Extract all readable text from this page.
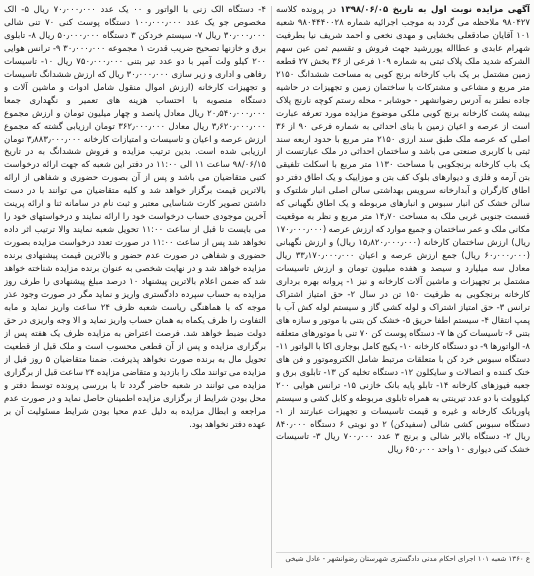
آگهی مزایده نوبت اول به تاریخ ۱۳۹۸/۰۶/۰۵ در پرونده کلاسه ۹۸۰۴۲۷ ملاحظه می گردد به موجب اجرائیه شماره ۹۸۰۴۴۴۰۰۲۸ شعبه ۱۰۱ آقایان صادقعلی بخشایی و مهدی نخعی و احمد شریف نیا بطرفیت شهرام عابدی و عطااله یوررشید جهت فروش و تقسیم ثمن عین سهم الشرکه شدید ملک پلاک ثبتی به شماره ۱۰۹ فرعی از ۳۶ بخش ۲۷ قطعه زمین مشتمل بر یک باب کارخانه برنج کوبی به مساحت ششدانگ ۲۱۵۰ متر مربع و مشاعی و مشترکات با ساختمان زمین و تجهیزات در حاشیه جاده نطنز به آدرس رضوانشهر - حوشابر - محله رستم کوچه نارنج پلاک بیشه پشت کارخانه برنج کوبی ملکی موضوع مزایده مورد تعرفه عبارت است از عرصه و اعیان زمین با بنای احداثی به شماره فرعی ۹۰ از ۳۶ اصلی که عرصه ملک طبق سند ارزی ۲۱۵۰ متر مربع با حدود اربعه سند ثبتی با کاربری صنعتی می باشد و ساختمان احداثی در ملک عبارتست از یک باب کارخانه برنجکوبی با مساحت ۱۱۳۰ متر مربع با اسکلت تلفیقی بتن آرمه و فلزی و دیوارهای بلوک کف بتن و موزاییک و یک اطاق دفتر دو اطاق کارگران و آبدارخانه سرویس بهداشتی سالن اصلی انبار شلتوک و سالن خشک کن انبار سبوس و انبارهای مربوطه و یک اطاق نگهبانی که قسمت جنوبی غربی ملک به مساحت ۱۴٫۷۰ متر مربع و نظر به موقعیت مکانی ملک و عمر ساختمان و جمیع موارد که ارزش عرصه (۱۷۰٫۰۰۰٫۰۰۰ ریال) ارزش ساختمان کارخانه (۱۵٫۸۲۰٫۰۰۰٫۰۰۰ ریال) و ارزش نگهبانی (۶۰٫۰۰۰٫۰۰۰ ریال) جمع ارزش عرصه و اعیان ۳۳٫۱۷۰٫۰۰۰٫۰۰۰ ریال معادل سه میلیارد و سیصد و هفده میلیون تومان و ارزش تاسیسات مشتمل بر تجهیزات و ماشین آلات کارخانه و نیز ۱- پروانه بهره برداری کارخانه برنجکوبی به ظرفیت ۱۵۰ تن در سال ۲- حق امتیاز اشتراک ترانس ۳- حق امتیاز اشتراک و لوله کشی گاز و سیستم لوله کش آب با پمپ انتقال ۴- سیستم اطفا حریق ۵- خشک کن بتنی با موتور و سازه های بتنی ۶- تاسیسات کن ها ۷- دستگاه پوست کن ۷۰ تنی با موتورهای متعلقه ۸- الواتورها ۹- دو دستگاه کارخانه ۱۰- یکیج کامل بوجاری اکا با الواتور ۱۱- دستگاه سبوس خرد کن با متعلقات مرتبط شامل الکتروموتور و فن های خنک کننده و اتصالات و سایکلون ۱۲- دستگاه تخلیه کن ۱۳- تابلوی برق و جعبه فیوزهای کارخانه ۱۴- تابلو پایه بانک خازنی ۱۵- ترانس هوایی ۲۰۰ کیلوولت با دو عدد تیرینتی به همراه تابلوی مربوطه و کابل کشی و سیستم پاوربانک کارخانه و غیره و قیمت تاسیسات و تجهیزات عبارتند از ۱- دستگاه سبوس کشی شالی (سفیدکن) ۲ دو نوبتی ۶ دستگاه ۸۴۰٫۰۰۰ ریال ۲- دستگاه بالابر شالی و برنج ۳ عدد ۷۰۰٫۰۰۰ ریال ۳- تاسیسات خشک کنی دیواری ۱۰ واحد ۶۵۰٫۰۰۰ ریال

۴- دستگاه الک زنی با الواتور و ۰۰ یک عدد ۷۰٫۰۰۰٫۰۰۰ ریال ۵- الک مخصوص جو یک عدد ۱۰۰٫۰۰۰٫۰۰۰ دستگاه پوست کنی ۷۰ تنی شالی ۳۰٫۰۰۰٫۰۰۰ ریال ۷- سیستم خردکن ۳ دستگاه ۵۰٫۰۰۰٫۰۰۰ ریال ۸- تابلوی برق و خازنها تصحیح ضریب قدرت ۱ مجموعه ۳۰٫۰۰۰٫۰۰۰ ۹- ترانس هوایی ۲۰۰ کیلو ولت آمپر با دو عدد تیر بتنی ۷۵۰٫۰۰۰٫۰۰۰ ریال ۱۰- تاسیسات رفاهی و اداری و زیر سازی ۳۰٫۰۰۰٫۰۰۰ ریال که ارزش ششدانگ تاسیسات و تجهیزات کارخانه (ارزش اموال منقول شامل ادوات و ماشین آلات و دستگاه منصوبه با احتساب هزینه های تعمیر و نگهداری جمعا ۲۰٫۵۴۰٫۰۰۰٫۰۰۰ ریال معادل پانصد و چهار میلیون تومان و ارزش مجموع ۳٫۶۲۰٫۰۰۰٫۰۰۰ ریال معادل ۳۶۲٫۰۰۰٫۰۰۰ تومان ارزیابی گشته که مجموع ارزش عرصه و اعیان و تاسیسات و امتیازات کارخانه ۳٫۸۸۳٫۰۰۰٫۰۰۰ تومان ارزیابی شده است. بدین ترتیب مزایده و فروش ششدانگ به در تاریخ ۹۸/۰۶/۱۵ ساعت ۱۱ الی ۱۱:۰۰ در دفتر این شعبه که جهت ارائه درخواست کتبی متقاضیان می باشد و پس از آن بصورت حضوری و شفاهی از ارائه بالاترین قیمت برگزار خواهد شد و کلیه متقاضیان می توانند با در دست داشتن تصویر کارت شناسایی معتبر و ثبت نام در سامانه ثنا و ارائه پرینت آخرین موجودی حساب درخواست خود را ارائه نمایند و درخواستهای خود را می بایست تا قبل از ساعت ۱۱:۰۰ تحویل شعبه نمایند والا ترتیب اثر داده نخواهد شد پس از ساعت ۱۱:۰۰ در صورت تعدد درخواست مزایده بصورت حضوری و شفاهی در صورت عدم حضور و بالاترین قیمت پیشنهادی برنده مزایده خواهد شد و در نهایت شخصی به عنوان برنده مزایده شناخته خواهد شد که ضمن اعلام بالاترین پیشنهاد ۱۰ درصد مبلغ پیشنهادی را طرف روز مزایده به حساب سپرده دادگستری واریز و نماید مگر در صورت وجود عذر موجه که با هماهنگی ریاست شعبه ظرف ۲۴ ساعت واریز نماید و مابه التفاوت را ظرف یکماه به همان حساب واریز نماید و الا وجه واریزی در حق دولت ضبط خواهد شد. فرصت اعتراض به مزایده ظرف یک هفته پس از برگزاری مزایده و پس از آن قطعی محسوب است و ملک قبل از قطعیت تحویل مال به برنده صورت نخواهد پذیرفت. ضمنا متقاضیان ۵ روز قبل از مزایده می توانند ملک را بازدید و متقاضی مزایده ۲۴ ساعت قبل از برگزاری مزایده می توانند در شعبه حاضر گردد تا با بررسی پرونده توسط دفتر و محل بودن شرایط از برگزاری مزایده اطمینان حاصل نماید و در صورت عدم مراجعه و ابطال مزایده به دلیل عدم محیا بودن شرایط مسئولیت آن بر عهده دفتر نخواهد بود.

ع ۱۳۶۰ شعبه ۱۰۱ اجرای احکام مدنی دادگستری شهرستان رضوانشهر - عادل شیخی
